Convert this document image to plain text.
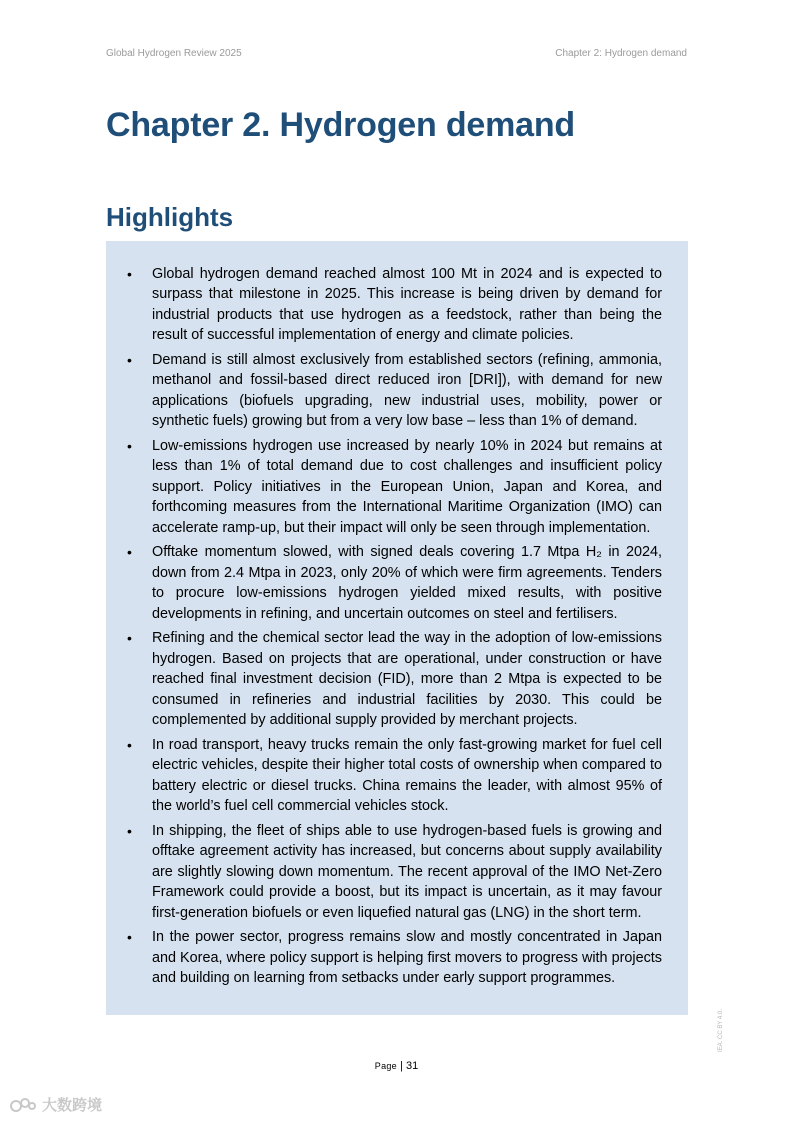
Global Hydrogen Review 2025	Chapter 2: Hydrogen demand
Chapter 2. Hydrogen demand
Highlights
• Global hydrogen demand reached almost 100 Mt in 2024 and is expected to surpass that milestone in 2025. This increase is being driven by demand for industrial products that use hydrogen as a feedstock, rather than being the result of successful implementation of energy and climate policies.
• Demand is still almost exclusively from established sectors (refining, ammonia, methanol and fossil-based direct reduced iron [DRI]), with demand for new applications (biofuels upgrading, new industrial uses, mobility, power or synthetic fuels) growing but from a very low base – less than 1% of demand.
• Low-emissions hydrogen use increased by nearly 10% in 2024 but remains at less than 1% of total demand due to cost challenges and insufficient policy support. Policy initiatives in the European Union, Japan and Korea, and forthcoming measures from the International Maritime Organization (IMO) can accelerate ramp-up, but their impact will only be seen through implementation.
• Offtake momentum slowed, with signed deals covering 1.7 Mtpa H₂ in 2024, down from 2.4 Mtpa in 2023, only 20% of which were firm agreements. Tenders to procure low-emissions hydrogen yielded mixed results, with positive developments in refining, and uncertain outcomes on steel and fertilisers.
• Refining and the chemical sector lead the way in the adoption of low-emissions hydrogen. Based on projects that are operational, under construction or have reached final investment decision (FID), more than 2 Mtpa is expected to be consumed in refineries and industrial facilities by 2030. This could be complemented by additional supply provided by merchant projects.
• In road transport, heavy trucks remain the only fast-growing market for fuel cell electric vehicles, despite their higher total costs of ownership when compared to battery electric or diesel trucks. China remains the leader, with almost 95% of the world’s fuel cell commercial vehicles stock.
• In shipping, the fleet of ships able to use hydrogen-based fuels is growing and offtake agreement activity has increased, but concerns about supply availability are slightly slowing down momentum. The recent approval of the IMO Net-Zero Framework could provide a boost, but its impact is uncertain, as it may favour first-generation biofuels or even liquefied natural gas (LNG) in the short term.
• In the power sector, progress remains slow and mostly concentrated in Japan and Korea, where policy support is helping first movers to progress with projects and building on learning from setbacks under early support programmes.
Page | 31
IEA. CC BY 4.0.
大数跨境
